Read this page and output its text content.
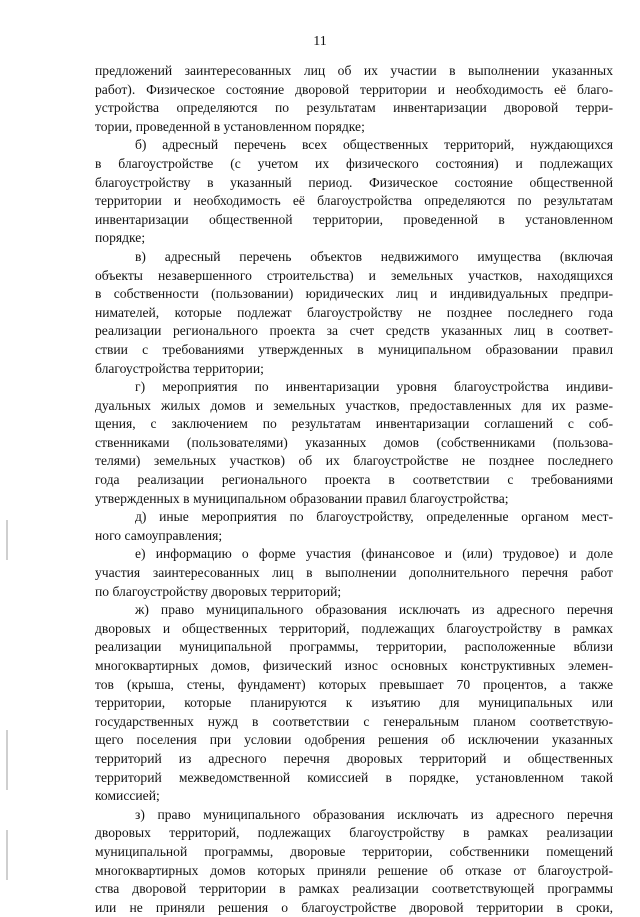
11
предложений заинтересованных лиц об их участии в выполнении указанных
работ). Физическое состояние дворовой территории и необходимость её благо-
устройства определяются по результатам инвентаризации дворовой терри-
тории, проведенной в установленном порядке;
б) адресный перечень всех общественных территорий, нуждающихся
в благоустройстве (с учетом их физического состояния) и подлежащих
благоустройству в указанный период. Физическое состояние общественной
территории и необходимость её благоустройства определяются по результатам
инвентаризации общественной территории, проведенной в установленном
порядке;
в) адресный перечень объектов недвижимого имущества (включая
объекты незавершенного строительства) и земельных участков, находящихся
в собственности (пользовании) юридических лиц и индивидуальных предпри-
нимателей, которые подлежат благоустройству не позднее последнего года
реализации регионального проекта за счет средств указанных лиц в соответ-
ствии с требованиями утвержденных в муниципальном образовании правил
благоустройства территории;
г) мероприятия по инвентаризации уровня благоустройства индиви-
дуальных жилых домов и земельных участков, предоставленных для их разме-
щения, с заключением по результатам инвентаризации соглашений с соб-
ственниками (пользователями) указанных домов (собственниками (пользова-
телями) земельных участков) об их благоустройстве не позднее последнего
года реализации регионального проекта в соответствии с требованиями
утвержденных в муниципальном образовании правил благоустройства;
д) иные мероприятия по благоустройству, определенные органом мест-
ного самоуправления;
е) информацию о форме участия (финансовое и (или) трудовое) и доле
участия заинтересованных лиц в выполнении дополнительного перечня работ
по благоустройству дворовых территорий;
ж) право муниципального образования исключать из адресного перечня
дворовых и общественных территорий, подлежащих благоустройству в рамках
реализации муниципальной программы, территории, расположенные вблизи
многоквартирных домов, физический износ основных конструктивных элемен-
тов (крыша, стены, фундамент) которых превышает 70 процентов, а также
территории, которые планируются к изъятию для муниципальных или
государственных нужд в соответствии с генеральным планом соответствую-
щего поселения при условии одобрения решения об исключении указанных
территорий из адресного перечня дворовых территорий и общественных
территорий межведомственной комиссией в порядке, установленном такой
комиссией;
з) право муниципального образования исключать из адресного перечня
дворовых территорий, подлежащих благоустройству в рамках реализации
муниципальной программы, дворовые территории, собственники помещений
многоквартирных домов которых приняли решение об отказе от благоустрой-
ства дворовой территории в рамках реализации соответствующей программы
или не приняли решения о благоустройстве дворовой территории в сроки,
